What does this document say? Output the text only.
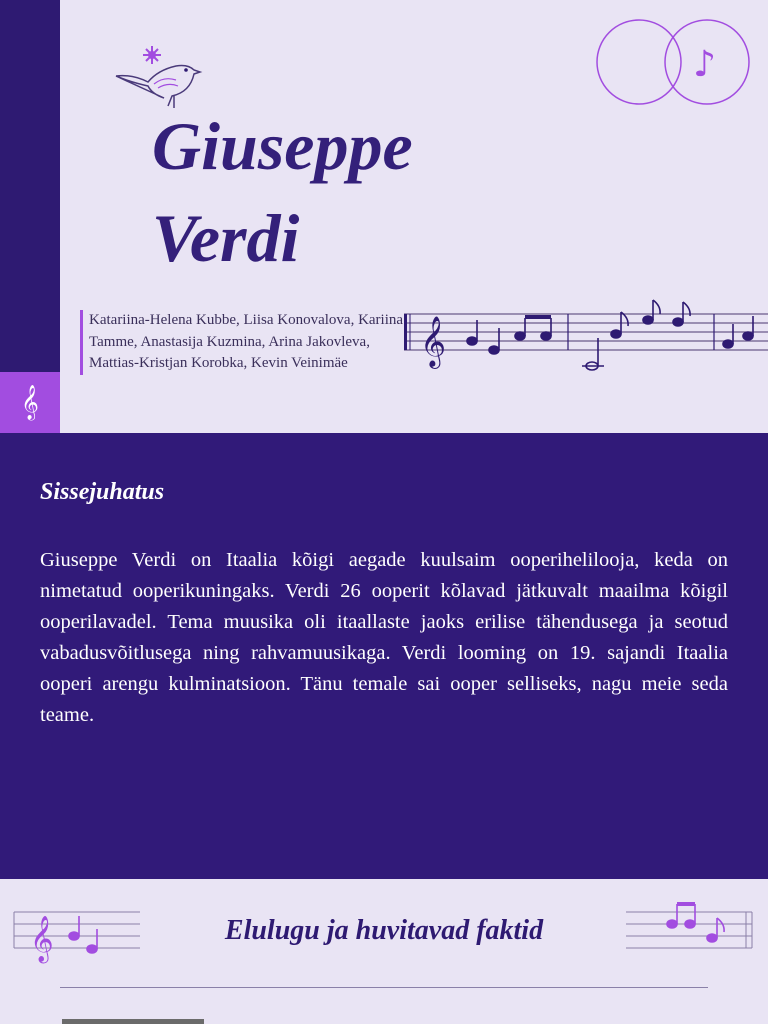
𝄞
♪
Giuseppe
Verdi
Katariina-Helena Kubbe, Liisa Konovalova, Kariina Tamme, Anastasija Kuzmina, Arina Jakovleva, Mattias-Kristjan Korobka, Kevin Veinimäe	𝄞
Sissejuhatus

Giuseppe Verdi on Itaalia kõigi aegade kuulsaim ooperihelilooja, keda on nimetatud ooperikuningaks. Verdi 26 ooperit kõlavad jätkuvalt maailma kõigil ooperilavadel. Tema muusika oli itaallaste jaoks erilise tähendusega ja seotud vabadusvõitlusega ning rahvamuusikaga. Verdi looming on 19. sajandi Itaalia ooperi arengu kulminatsioon. Tänu temale sai ooper selliseks, nagu meie seda teame.

𝄞	Elulugu ja huvitavad faktid
